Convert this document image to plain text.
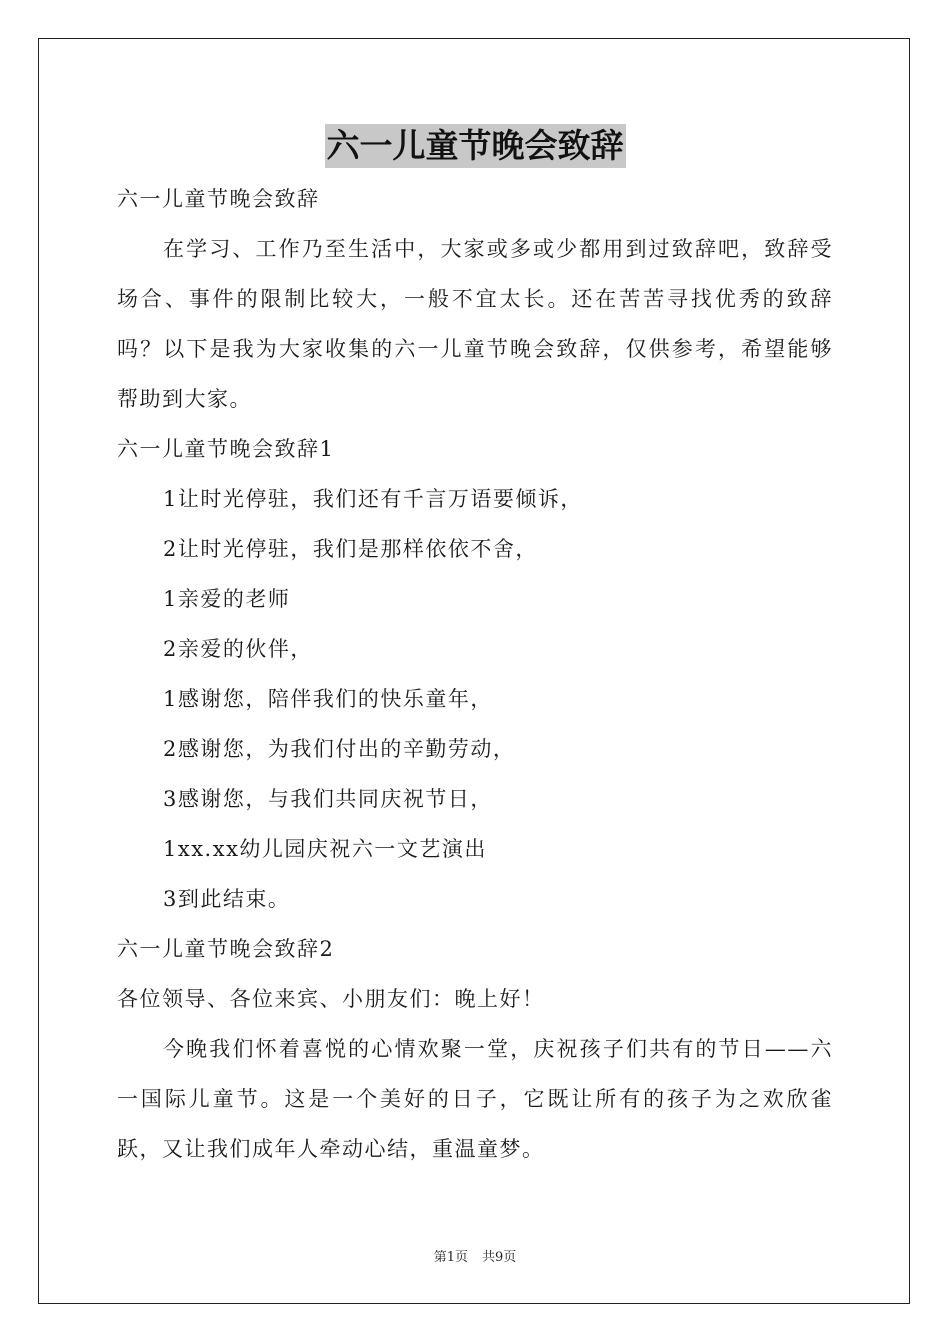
六一儿童节晚会致辞

六一儿童节晚会致辞

在学习、工作乃至生活中，大家或多或少都用到过致辞吧，致辞受场合、事件的限制比较大，一般不宜太长。还在苦苦寻找优秀的致辞吗？以下是我为大家收集的六一儿童节晚会致辞，仅供参考，希望能够帮助到大家。

六一儿童节晚会致辞1

1让时光停驻，我们还有千言万语要倾诉，

2让时光停驻，我们是那样依依不舍，

1亲爱的老师

2亲爱的伙伴，

1感谢您，陪伴我们的快乐童年，

2感谢您，为我们付出的辛勤劳动，

3感谢您，与我们共同庆祝节日，

1xx.xx幼儿园庆祝六一文艺演出

3到此结束。

六一儿童节晚会致辞2

各位领导、各位来宾、小朋友们：晚上好！

今晚我们怀着喜悦的心情欢聚一堂，庆祝孩子们共有的节日——六一国际儿童节。这是一个美好的日子，它既让所有的孩子为之欢欣雀跃，又让我们成年人牵动心结，重温童梦。

第1页 共9页
